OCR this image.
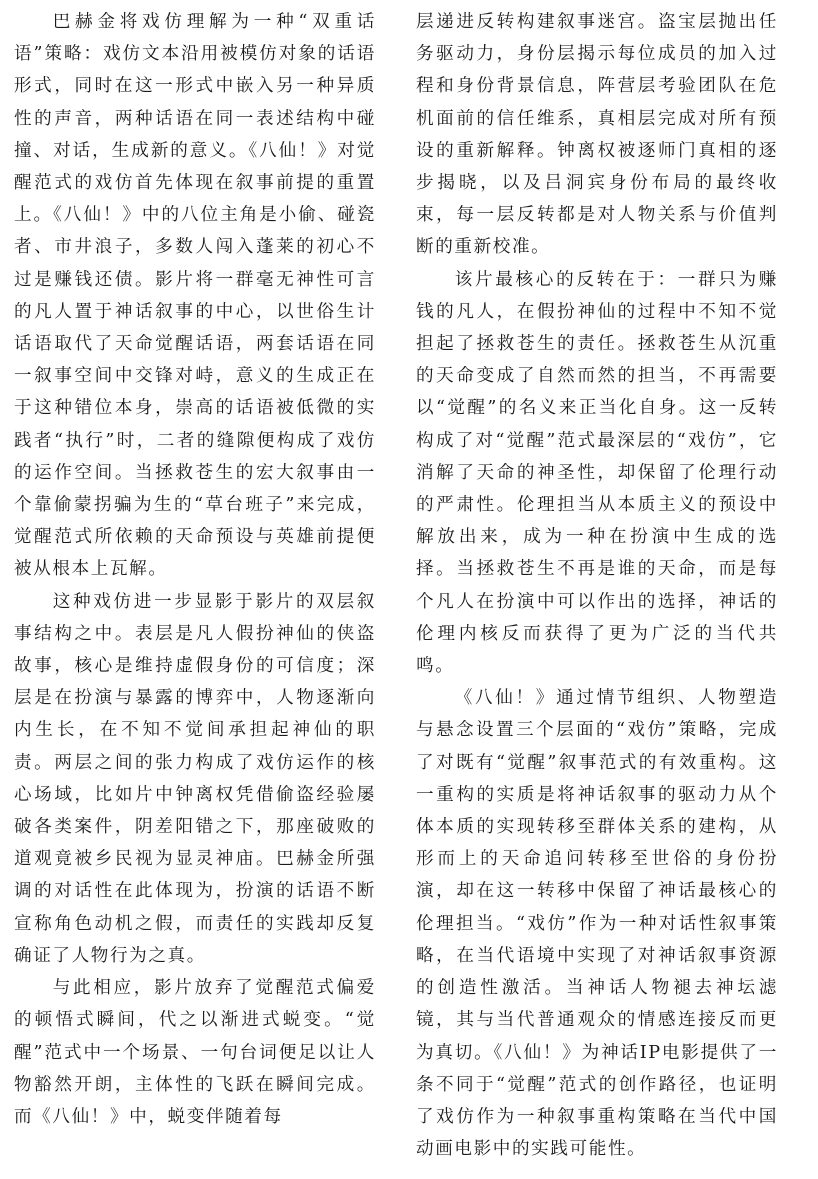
巴赫金将戏仿理解为一种“双重话语”策略：戏仿文本沿用被模仿对象的话语形式，同时在这一形式中嵌入另一种异质性的声音，两种话语在同一表述结构中碰撞、对话，生成新的意义。《八仙！》对觉醒范式的戏仿首先体现在叙事前提的重置上。《八仙！》中的八位主角是小偷、碰瓷者、市井浪子，多数人闯入蓬莱的初心不过是赚钱还债。影片将一群毫无神性可言的凡人置于神话叙事的中心，以世俗生计话语取代了天命觉醒话语，两套话语在同一叙事空间中交锋对峙，意义的生成正在于这种错位本身，崇高的话语被低微的实践者“执行”时，二者的缝隙便构成了戏仿的运作空间。当拯救苍生的宏大叙事由一个靠偷蒙拐骗为生的“草台班子”来完成，觉醒范式所依赖的天命预设与英雄前提便被从根本上瓦解。

这种戏仿进一步显影于影片的双层叙事结构之中。表层是凡人假扮神仙的侠盗故事，核心是维持虚假身份的可信度；深层是在扮演与暴露的博弈中，人物逐渐向内生长，在不知不觉间承担起神仙的职责。两层之间的张力构成了戏仿运作的核心场域，比如片中钟离权凭借偷盗经验屡破各类案件，阴差阳错之下，那座破败的道观竟被乡民视为显灵神庙。巴赫金所强调的对话性在此体现为，扮演的话语不断宣称角色动机之假，而责任的实践却反复确证了人物行为之真。

与此相应，影片放弃了觉醒范式偏爱的顿悟式瞬间，代之以渐进式蜕变。“觉醒”范式中一个场景、一句台词便足以让人物豁然开朗，主体性的飞跃在瞬间完成。而《八仙！》中，蜕变伴随着每

层递进反转构建叙事迷宫。盗宝层抛出任务驱动力，身份层揭示每位成员的加入过程和身份背景信息，阵营层考验团队在危机面前的信任维系，真相层完成对所有预设的重新解释。钟离权被逐师门真相的逐步揭晓，以及吕洞宾身份布局的最终收束，每一层反转都是对人物关系与价值判断的重新校准。

该片最核心的反转在于：一群只为赚钱的凡人，在假扮神仙的过程中不知不觉担起了拯救苍生的责任。拯救苍生从沉重的天命变成了自然而然的担当，不再需要以“觉醒”的名义来正当化自身。这一反转构成了对“觉醒”范式最深层的“戏仿”，它消解了天命的神圣性，却保留了伦理行动的严肃性。伦理担当从本质主义的预设中解放出来，成为一种在扮演中生成的选择。当拯救苍生不再是谁的天命，而是每个凡人在扮演中可以作出的选择，神话的伦理内核反而获得了更为广泛的当代共鸣。

《八仙！》通过情节组织、人物塑造与悬念设置三个层面的“戏仿”策略，完成了对既有“觉醒”叙事范式的有效重构。这一重构的实质是将神话叙事的驱动力从个体本质的实现转移至群体关系的建构，从形而上的天命追问转移至世俗的身份扮演，却在这一转移中保留了神话最核心的伦理担当。“戏仿”作为一种对话性叙事策略，在当代语境中实现了对神话叙事资源的创造性激活。当神话人物褪去神坛滤镜，其与当代普通观众的情感连接反而更为真切。《八仙！》为神话IP电影提供了一条不同于“觉醒”范式的创作路径，也证明了戏仿作为一种叙事重构策略在当代中国动画电影中的实践可能性。
